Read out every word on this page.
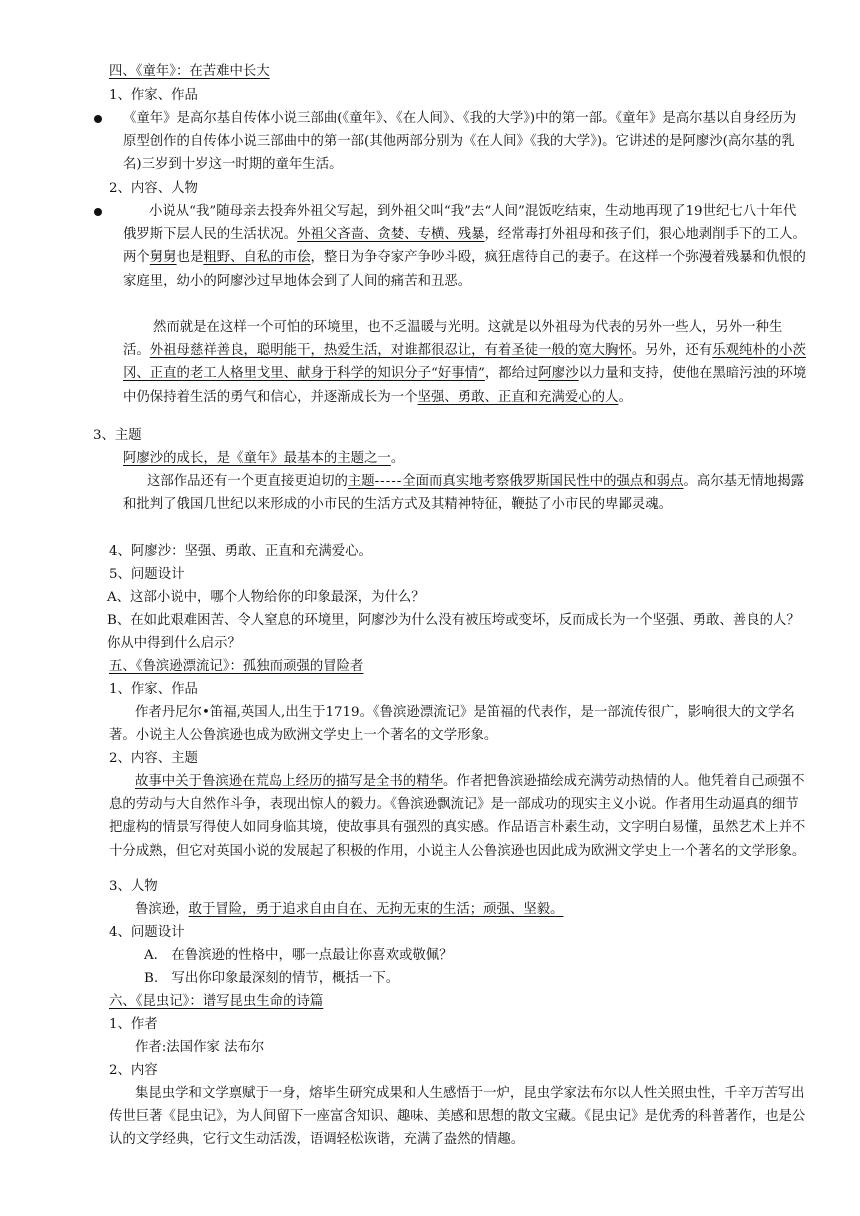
四、《童年》：在苦难中长大
1、作家、作品
《童年》是高尔基自传体小说三部曲(《童年》、《在人间》、《我的大学》)中的第一部。《童年》是高尔基以自身经历为原型创作的自传体小说三部曲中的第一部(其他两部分别为《在人间》《我的大学》)。它讲述的是阿廖沙(高尔基的乳名)三岁到十岁这一时期的童年生活。
2、内容、人物
小说从“我”随母亲去投奔外祖父写起，到外祖父叫“我”去“人间”混饭吃结束，生动地再现了19世纪七八十年代俄罗斯下层人民的生活状况。外祖父吝啬、贪婪、专横、残暴，经常毒打外祖母和孩子们，狠心地剥削手下的工人。两个舅舅也是粗野、自私的市侩，整日为争夺家产争吵斗殴，疯狂虐待自己的妻子。在这样一个弥漫着残暴和仇恨的家庭里，幼小的阿廖沙过早地体会到了人间的痛苦和丑恶。
然而就是在这样一个可怕的环境里，也不乏温暖与光明。这就是以外祖母为代表的另外一些人，另外一种生活。外祖母慈祥善良，聪明能干，热爱生活，对谁都很忍让，有着圣徒一般的宽大胸怀。另外，还有乐观纯朴的小茨冈、正直的老工人格里戈里、献身于科学的知识分子“好事情”，都给过阿廖沙以力量和支持，使他在黑暗污浊的环境中仍保持着生活的勇气和信心，并逐渐成长为一个坚强、勇敢、正直和充满爱心的人。
3、主题
阿廖沙的成长，是《童年》最基本的主题之一。
这部作品还有一个更直接更迫切的主题-----全面而真实地考察俄罗斯国民性中的强点和弱点。高尔基无情地揭露和批判了俄国几世纪以来形成的小市民的生活方式及其精神特征，鞭挞了小市民的卑鄙灵魂。
4、阿廖沙：坚强、勇敢、正直和充满爱心。
5、问题设计
A、这部小说中，哪个人物给你的印象最深，为什么？
B、在如此艰难困苦、令人窒息的环境里，阿廖沙为什么没有被压垮或变坏，反而成长为一个坚强、勇敢、善良的人？你从中得到什么启示？
五、《鲁滨逊漂流记》：孤独而顽强的冒险者
1、作家、作品
作者丹尼尔•笛福,英国人,出生于1719。《鲁滨逊漂流记》是笛福的代表作，是一部流传很广，影响很大的文学名著。小说主人公鲁滨逊也成为欧洲文学史上一个著名的文学形象。
2、内容、主题
故事中关于鲁滨逊在荒岛上经历的描写是全书的精华。作者把鲁滨逊描绘成充满劳动热情的人。他凭着自己顽强不息的劳动与大自然作斗争，表现出惊人的毅力。《鲁滨逊飘流记》是一部成功的现实主义小说。作者用生动逼真的细节把虚构的情景写得使人如同身临其境，使故事具有强烈的真实感。作品语言朴素生动，文字明白易懂，虽然艺术上并不十分成熟，但它对英国小说的发展起了积极的作用，小说主人公鲁滨逊也因此成为欧洲文学史上一个著名的文学形象。
3、人物
鲁滨逊，敢于冒险，勇于追求自由自在、无拘无束的生活；顽强、坚毅。
4、问题设计
A.　在鲁滨逊的性格中，哪一点最让你喜欢或敬佩？
B.　写出你印象最深刻的情节，概括一下。
六、《昆虫记》：谱写昆虫生命的诗篇
1、作者
作者:法国作家 法布尔
2、内容
集昆虫学和文学禀赋于一身，熔毕生研究成果和人生感悟于一炉，昆虫学家法布尔以人性关照虫性，千辛万苦写出传世巨著《昆虫记》，为人间留下一座富含知识、趣味、美感和思想的散文宝藏。《昆虫记》是优秀的科普著作，也是公认的文学经典，它行文生动活泼，语调轻松诙谐，充满了盎然的情趣。
